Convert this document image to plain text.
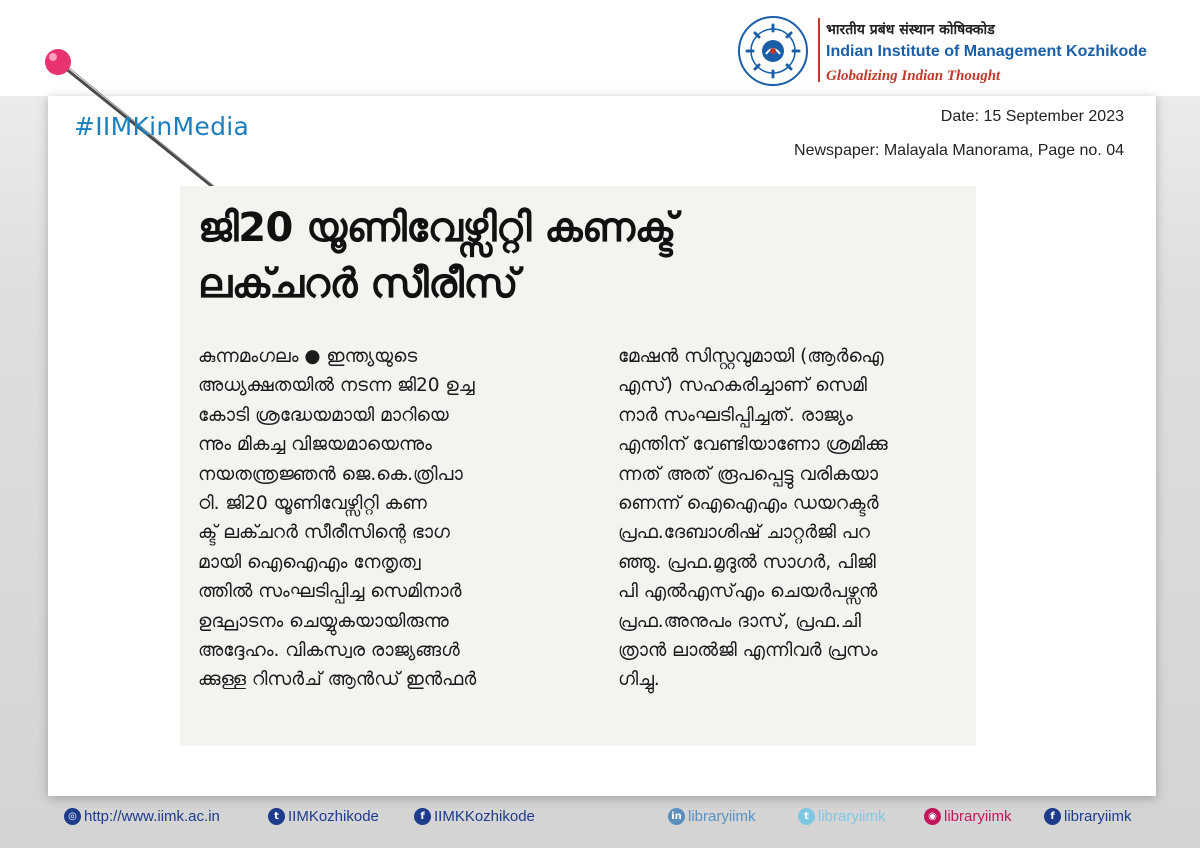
भारतीय प्रबंध संस्थान कोषिक्कोड
Indian Institute of Management Kozhikode
Globalizing Indian Thought
#IIMKinMedia	Date: 15 September 2023
Newspaper: Malayala Manorama, Page no. 04
ജി20 യൂണിവേഴ്സിറ്റി കണക്ട്
ലക്ചറർ സീരീസ്
കുന്നമംഗലം ● ഇന്ത്യയുടെ
അധ്യക്ഷതയിൽ നടന്ന ജി20 ഉച്ച
കോടി ശ്രദ്ധേയമായി മാറിയെ
ന്നും മികച്ച വിജയമായെന്നും
നയതന്ത്രജ്ഞൻ ജെ.കെ.ത്രിപാ
ഠി. ജി20 യൂണിവേഴ്സിറ്റി കണ
ക്ട് ലക്ചറർ സീരീസിന്റെ ഭാഗ
മായി ഐഐഎം നേതൃത്വ
ത്തിൽ സംഘടിപ്പിച്ച സെമിനാർ
ഉദ്ഘാടനം ചെയ്യുകയായിരുന്നു
അദ്ദേഹം. വികസ്വര രാജ്യങ്ങൾ
ക്കുള്ള റിസർച് ആൻഡ് ഇൻഫർ
മേഷൻ സിസ്റ്റവുമായി (ആർഐ
എസ്) സഹകരിച്ചാണ് സെമി
നാർ സംഘടിപ്പിച്ചത്. രാജ്യം
എന്തിന് വേണ്ടിയാണോ ശ്രമിക്കു
ന്നത് അത് രൂപപ്പെട്ടു വരികയാ
ണെന്ന് ഐഐഎം ഡയറക്ടർ
പ്രഫ.ദേബാശിഷ് ചാറ്റർജി പറ
ഞ്ഞു. പ്രഫ.മൃദുൽ സാഗർ, പിജി
പി എൽഎസ്എം ചെയർപഴ്സൻ
പ്രഫ.അനുപം ദാസ്, പ്രഫ.ചി
ത്രാൻ ലാൽജി എന്നിവർ പ്രസം
ഗിച്ചു.
◎ http://www.iimk.ac.in	t IIMKozhikode	f IIMKKozhikode	in libraryiimk	t libraryiimk	◉ libraryiimk	f libraryiimk
